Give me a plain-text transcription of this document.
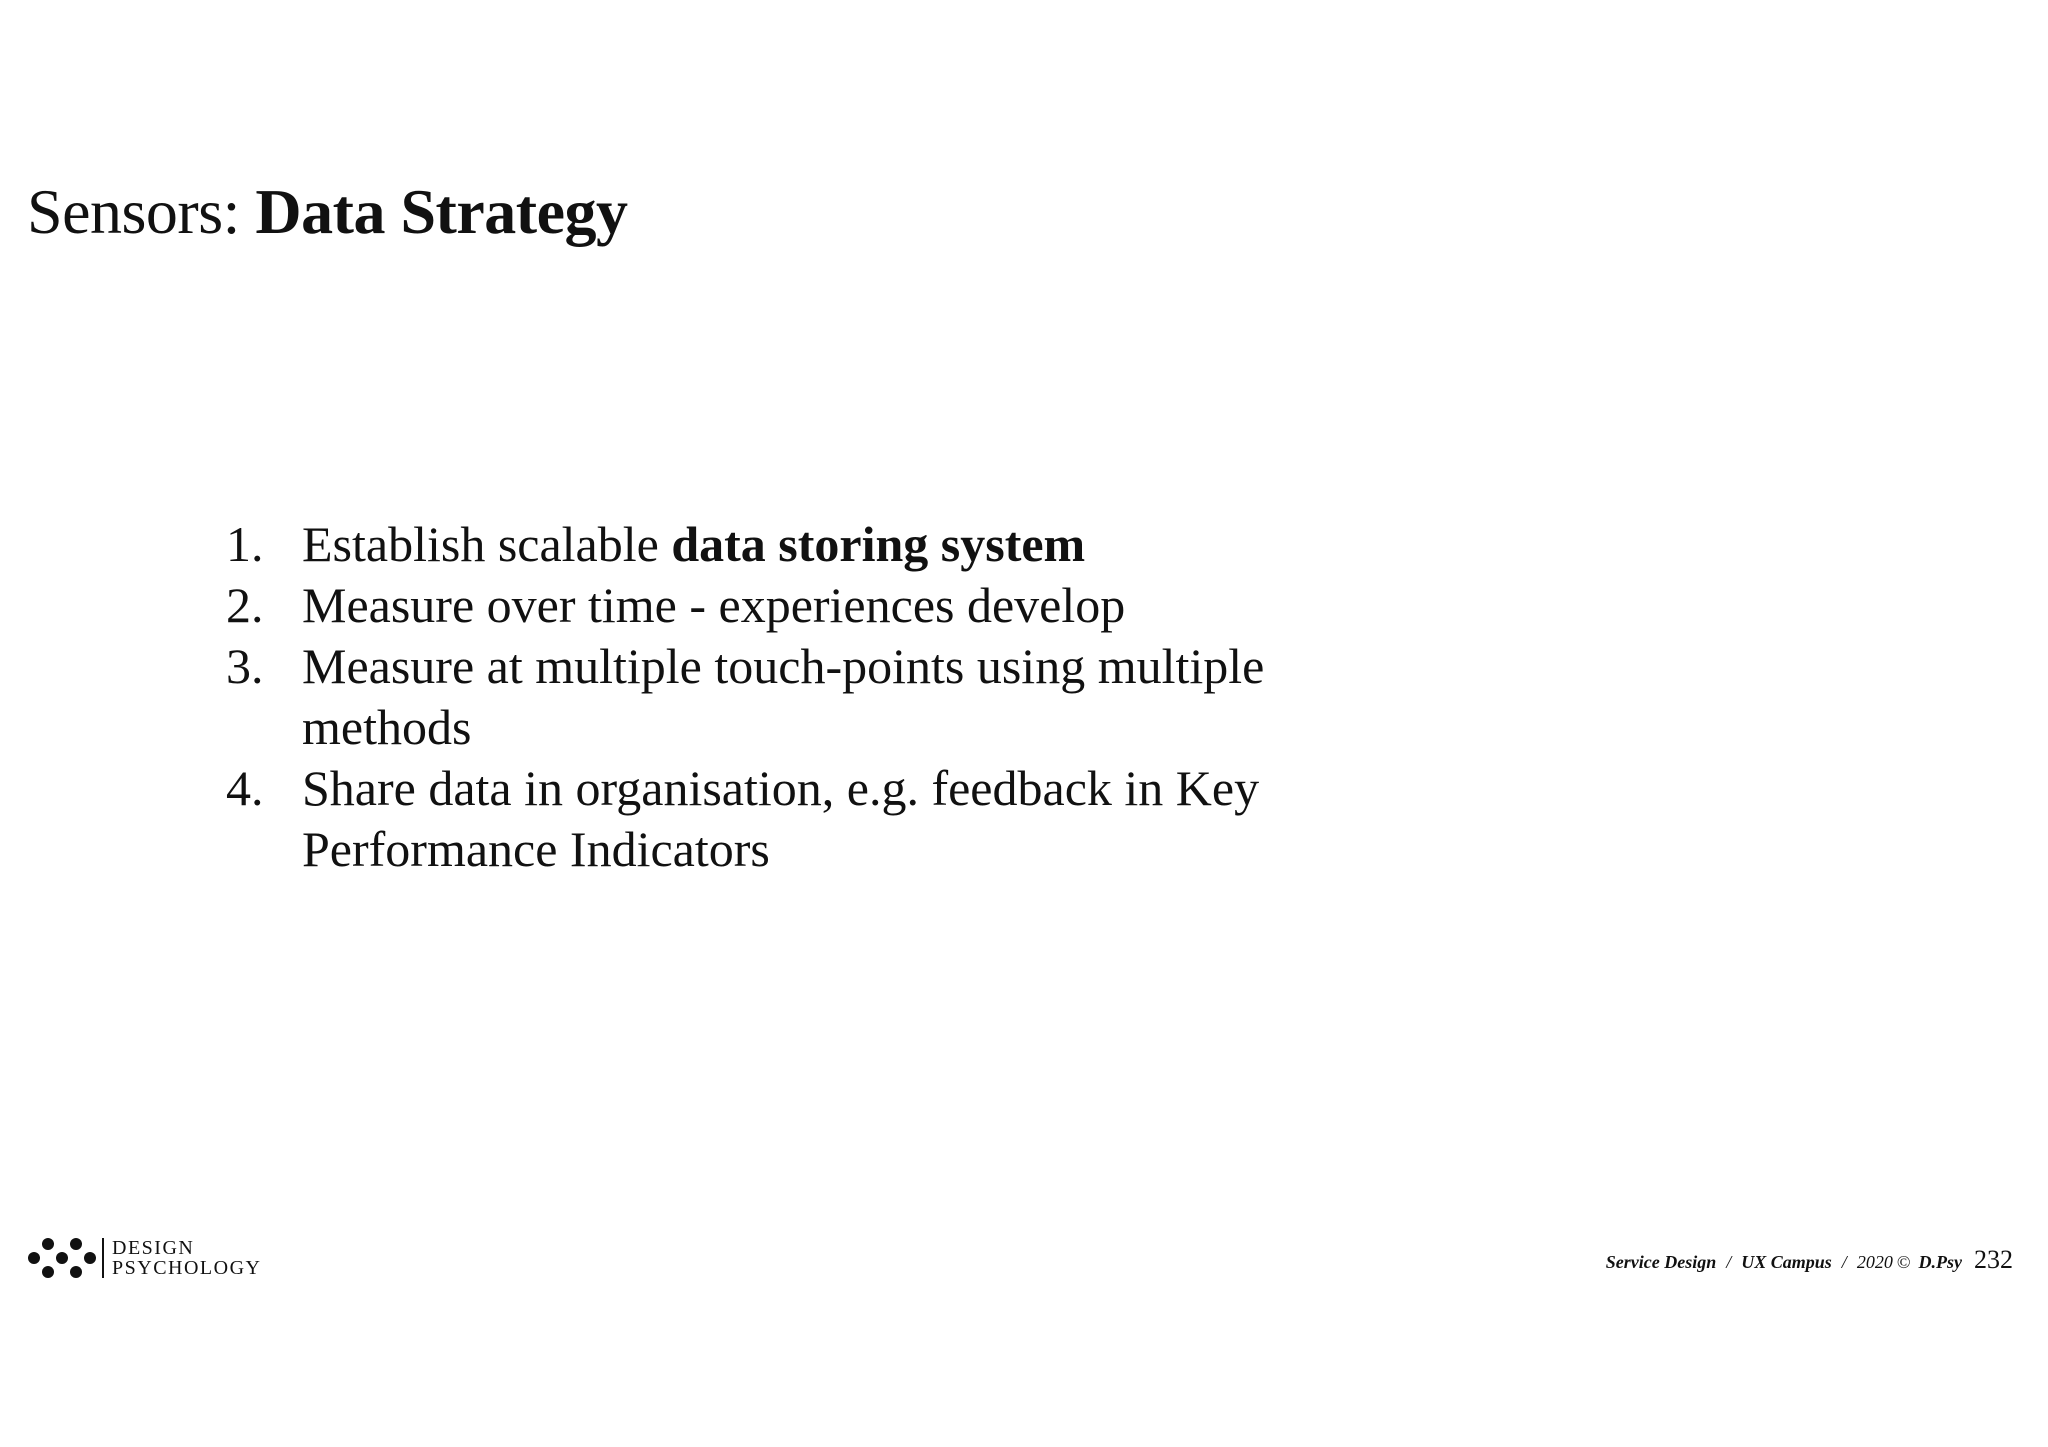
Sensors: Data Strategy
1. Establish scalable data storing system
2. Measure over time - experiences develop
3. Measure at multiple touch-points using multiple methods
4. Share data in organisation, e.g. feedback in Key Performance Indicators
DESIGN
PSYCHOLOGY	Service Design / UX Campus / 2020 © D.Psy 232
